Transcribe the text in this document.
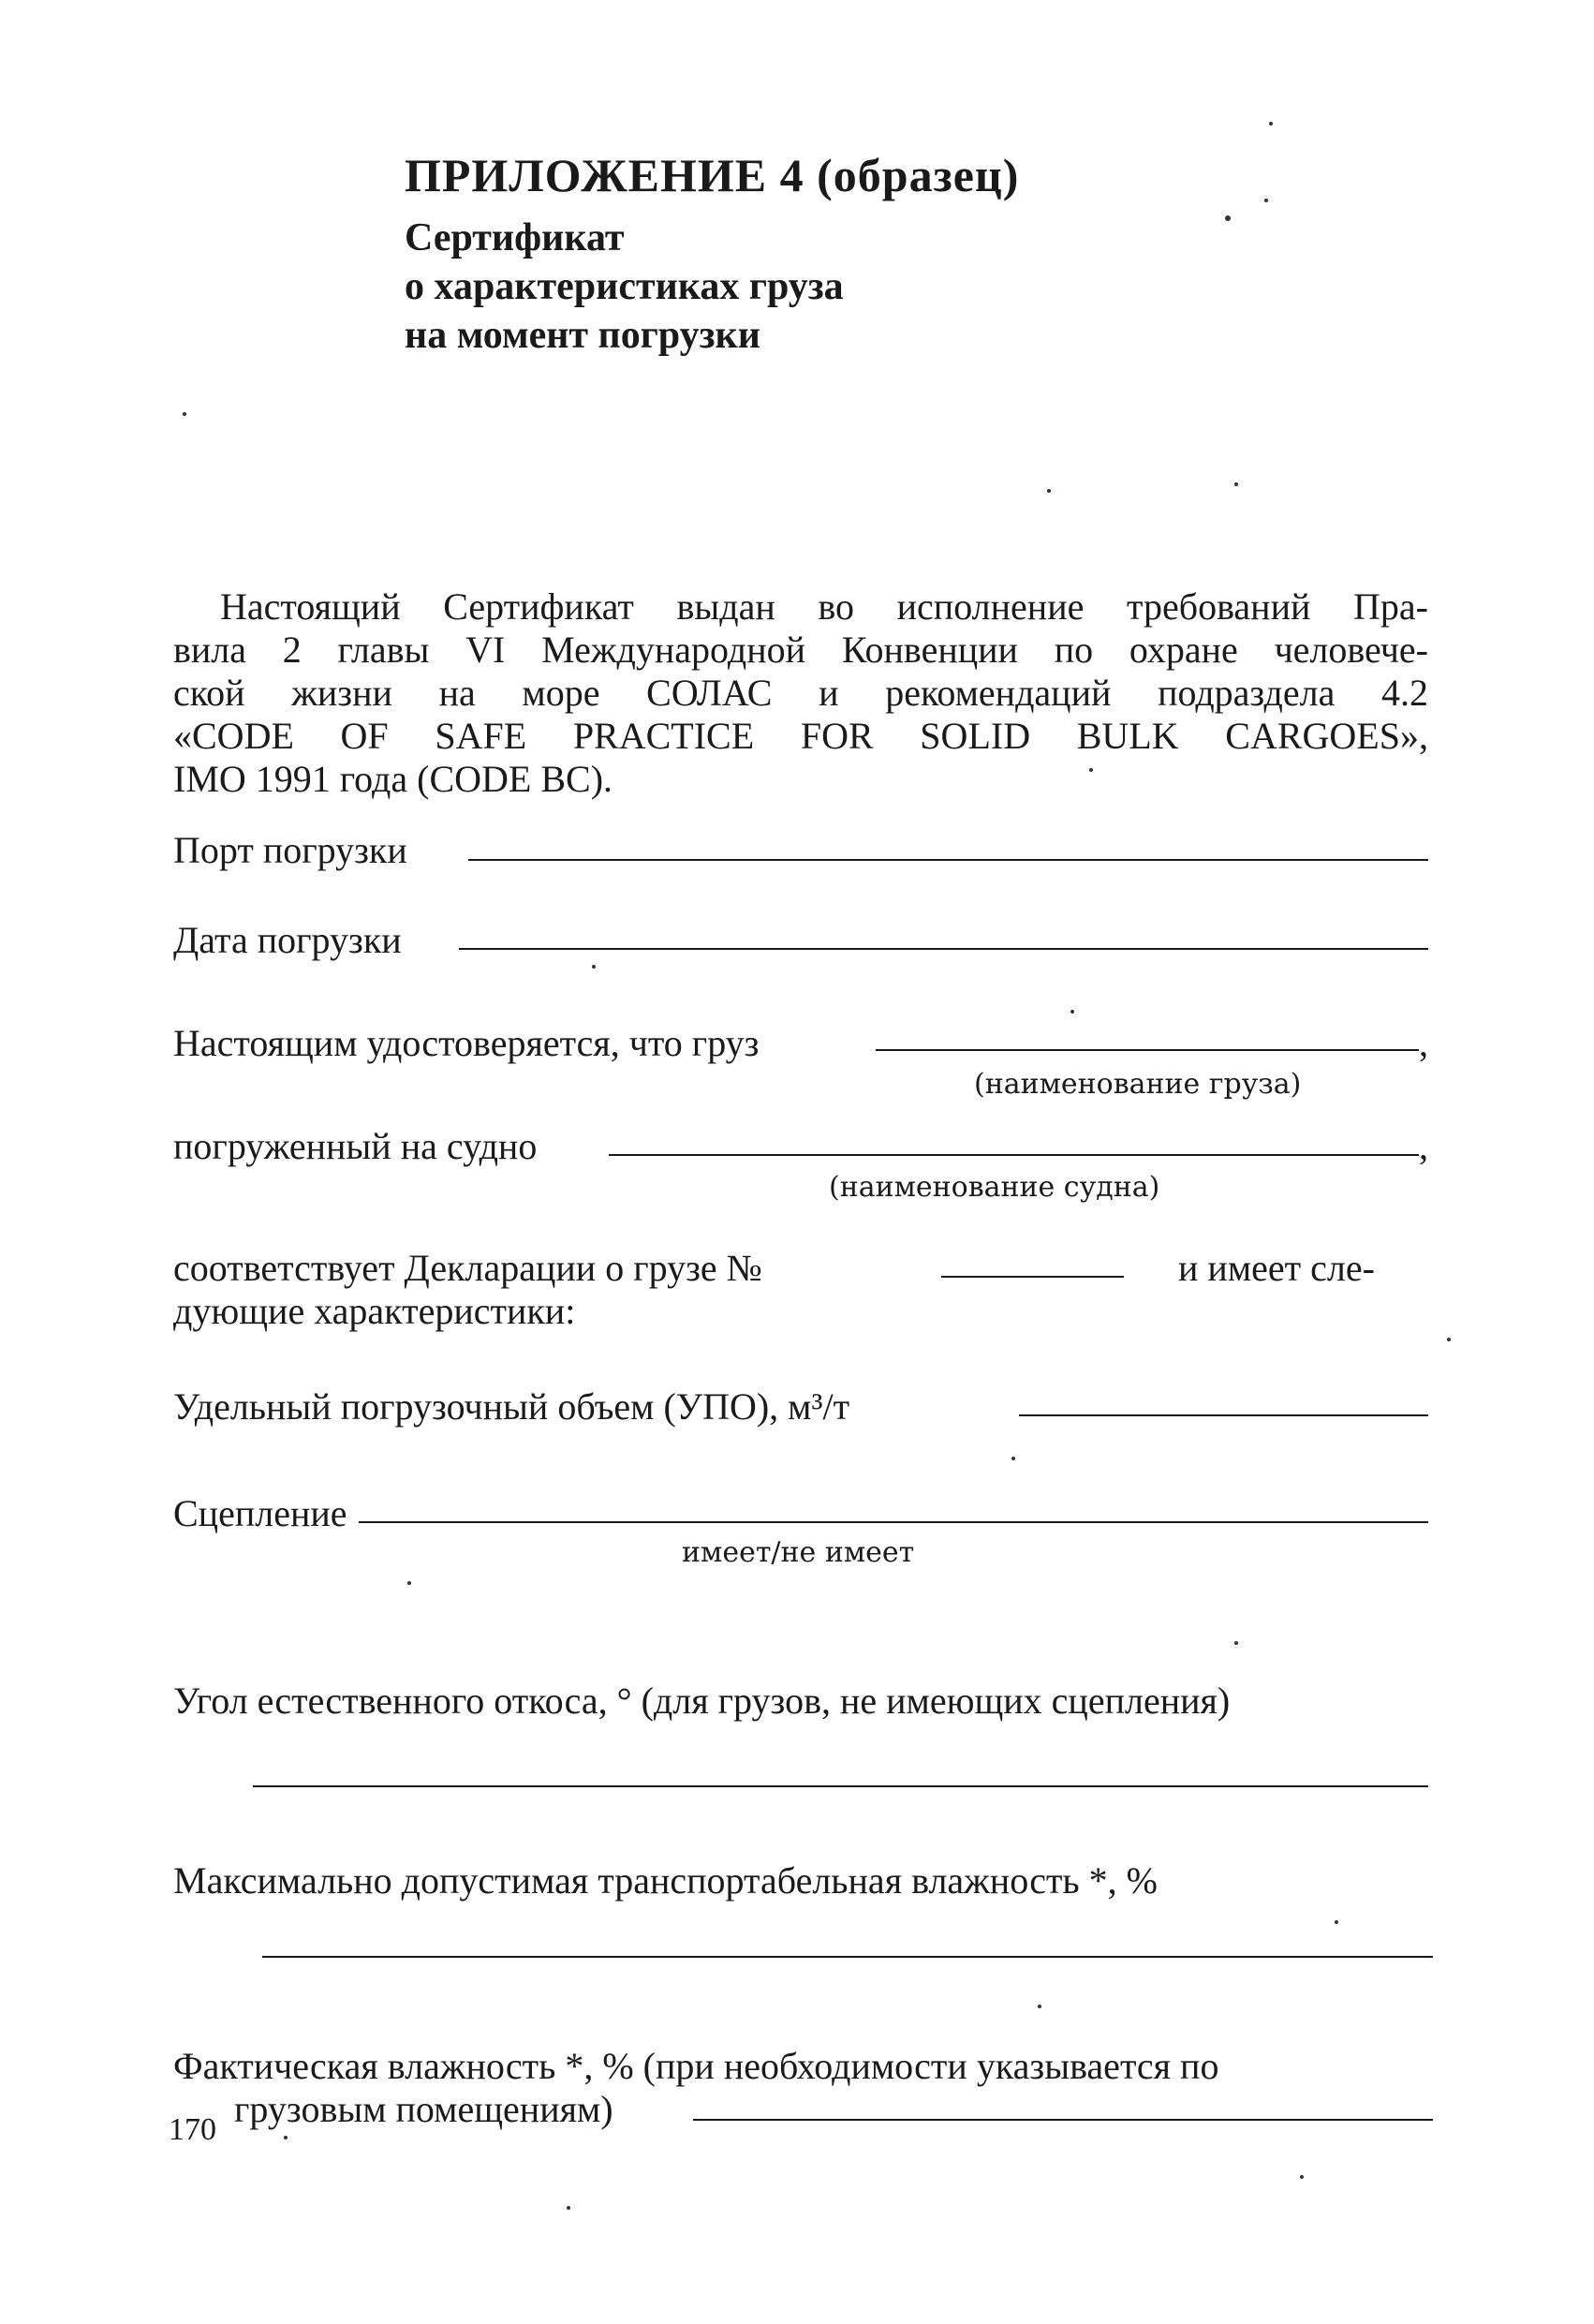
ПРИЛОЖЕНИЕ 4 (образец)
Сертификат
о характеристиках груза
на момент погрузки
Настоящий Сертификат выдан во исполнение требований Пра-
вила 2 главы VI Международной Конвенции по охране человече-
ской жизни на море СОЛАС и рекомендаций подраздела 4.2
«CODE OF SAFE PRACTICE FOR SOLID BULK CARGOES»,
IMO 1991 года (CODE BC).
Порт погрузки
Дата погрузки
Настоящим удостоверяется, что груз	,
(наименование груза)
погруженный на судно	,
(наименование судна)
соответствует Декларации о грузе №	и имеет сле-
дующие характеристики:
Удельный погрузочный объем (УПО), м³/т
Сцепление
имеет/не имеет
Угол естественного откоса, ° (для грузов, не имеющих сцепления)
Максимально допустимая транспортабельная влажность *, %
Фактическая влажность *, % (при необходимости указывается по
грузовым помещениям)
170
